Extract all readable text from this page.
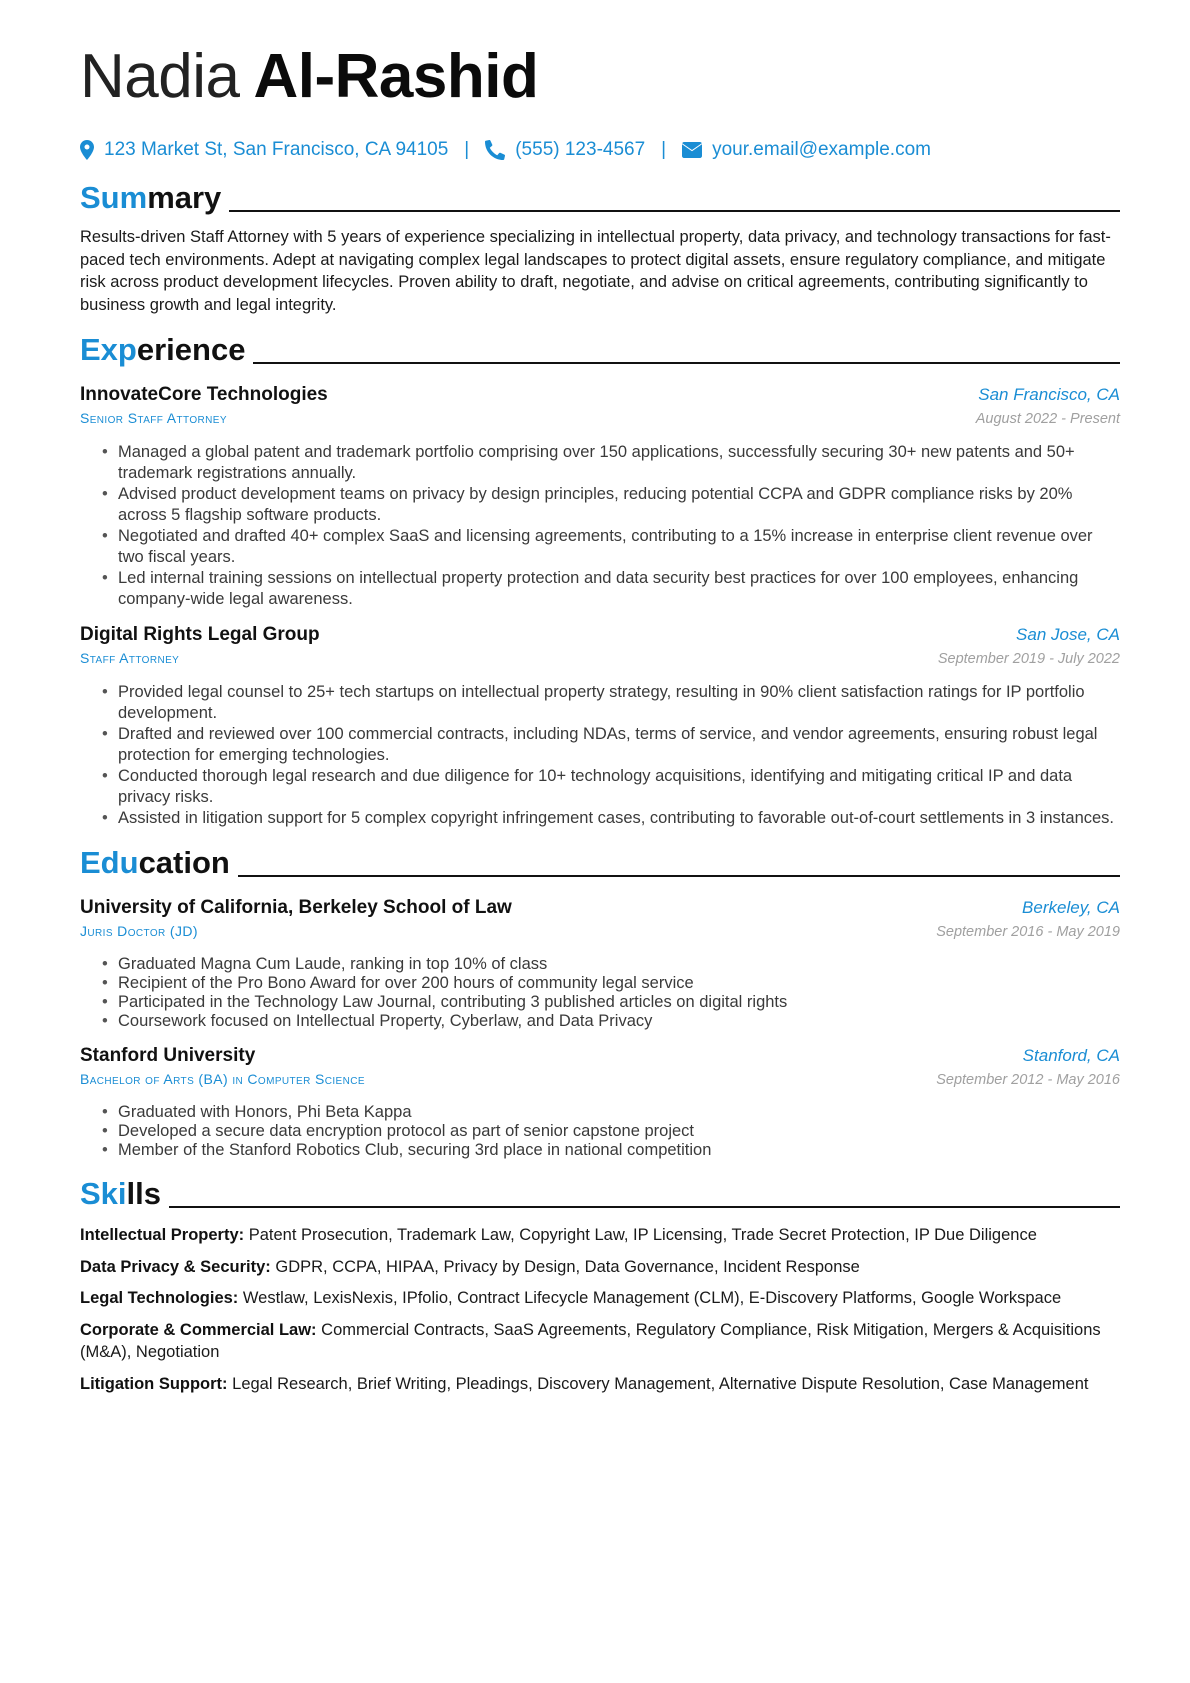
Nadia Al-Rashid
123 Market St, San Francisco, CA 94105 | (555) 123-4567 | your.email@example.com
Summary
Results-driven Staff Attorney with 5 years of experience specializing in intellectual property, data privacy, and technology transactions for fast-paced tech environments. Adept at navigating complex legal landscapes to protect digital assets, ensure regulatory compliance, and mitigate risk across product development lifecycles. Proven ability to draft, negotiate, and advise on critical agreements, contributing significantly to business growth and legal integrity.
Experience
InnovateCore Technologies	San Francisco, CA
Senior Staff Attorney	August 2022 - Present
• Managed a global patent and trademark portfolio comprising over 150 applications, successfully securing 30+ new patents and 50+ trademark registrations annually.
• Advised product development teams on privacy by design principles, reducing potential CCPA and GDPR compliance risks by 20% across 5 flagship software products.
• Negotiated and drafted 40+ complex SaaS and licensing agreements, contributing to a 15% increase in enterprise client revenue over two fiscal years.
• Led internal training sessions on intellectual property protection and data security best practices for over 100 employees, enhancing company-wide legal awareness.
Digital Rights Legal Group	San Jose, CA
Staff Attorney	September 2019 - July 2022
• Provided legal counsel to 25+ tech startups on intellectual property strategy, resulting in 90% client satisfaction ratings for IP portfolio development.
• Drafted and reviewed over 100 commercial contracts, including NDAs, terms of service, and vendor agreements, ensuring robust legal protection for emerging technologies.
• Conducted thorough legal research and due diligence for 10+ technology acquisitions, identifying and mitigating critical IP and data privacy risks.
• Assisted in litigation support for 5 complex copyright infringement cases, contributing to favorable out-of-court settlements in 3 instances.
Education
University of California, Berkeley School of Law	Berkeley, CA
Juris Doctor (JD)	September 2016 - May 2019
• Graduated Magna Cum Laude, ranking in top 10% of class
• Recipient of the Pro Bono Award for over 200 hours of community legal service
• Participated in the Technology Law Journal, contributing 3 published articles on digital rights
• Coursework focused on Intellectual Property, Cyberlaw, and Data Privacy
Stanford University	Stanford, CA
Bachelor of Arts (BA) in Computer Science	September 2012 - May 2016
• Graduated with Honors, Phi Beta Kappa
• Developed a secure data encryption protocol as part of senior capstone project
• Member of the Stanford Robotics Club, securing 3rd place in national competition
Skills
Intellectual Property: Patent Prosecution, Trademark Law, Copyright Law, IP Licensing, Trade Secret Protection, IP Due Diligence
Data Privacy & Security: GDPR, CCPA, HIPAA, Privacy by Design, Data Governance, Incident Response
Legal Technologies: Westlaw, LexisNexis, IPfolio, Contract Lifecycle Management (CLM), E-Discovery Platforms, Google Workspace
Corporate & Commercial Law: Commercial Contracts, SaaS Agreements, Regulatory Compliance, Risk Mitigation, Mergers & Acquisitions (M&A), Negotiation
Litigation Support: Legal Research, Brief Writing, Pleadings, Discovery Management, Alternative Dispute Resolution, Case Management
